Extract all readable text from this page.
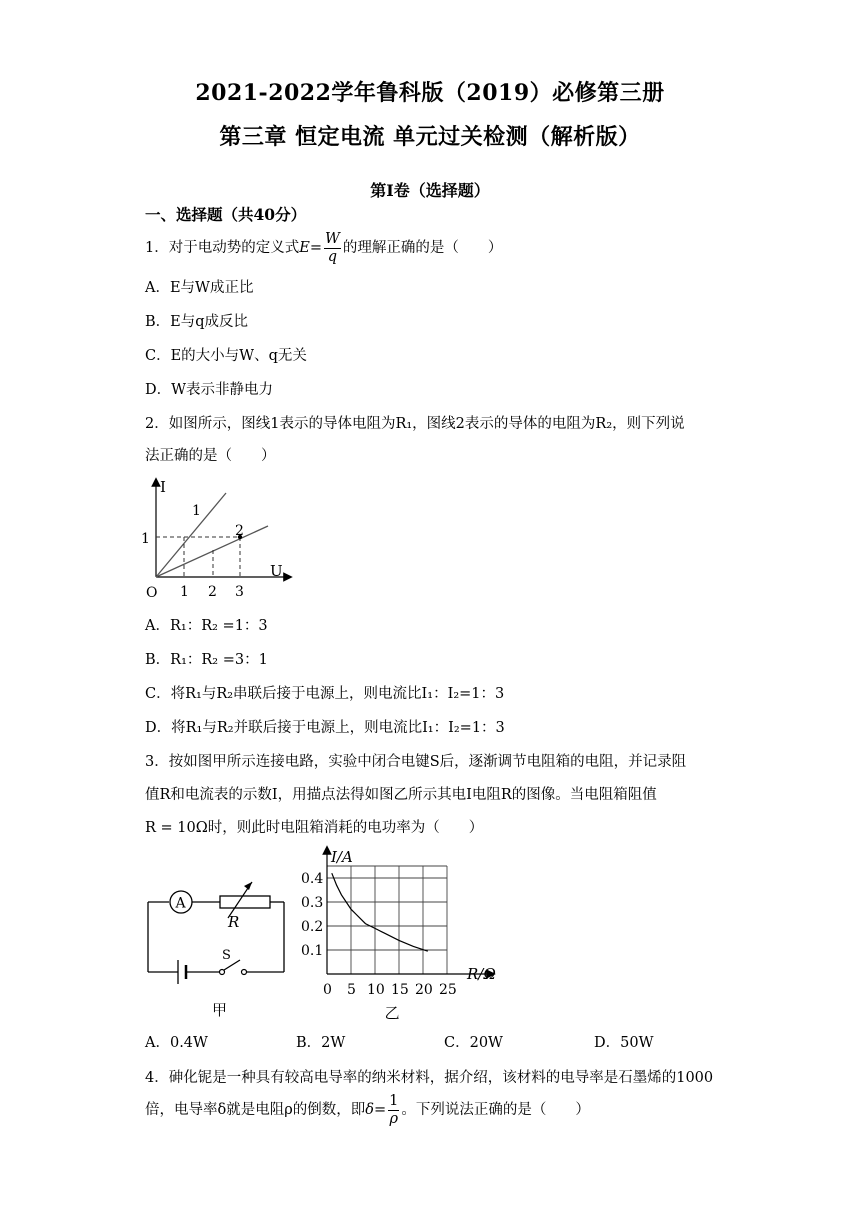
2021-2022学年鲁科版（2019）必修第三册
第三章 恒定电流 单元过关检测（解析版）
第Ⅰ卷（选择题）
一、选择题（共40分）
1．对于电动势的定义式$E= \frac{W}{q}$ 的理解正确的是（　　）
A．E与W成正比
B．E与q成反比
C．E的大小与W、q无关
D．W表示非静电力
2．如图所示，图线1表示的导体电阻为R₁，图线2表示的导体的电阻为R₂，则下列说
法正确的是（　　）
I
U
O
1
2
1
1 2 3
A．R₁：R₂ =1：3
B．R₁：R₂ =3：1
C．将R₁与R₂串联后接于电源上，则电流比I₁：I₂=1：3
D．将R₁与R₂并联后接于电源上，则电流比I₁：I₂=1：3
3．按如图甲所示连接电路，实验中闭合电键S后，逐渐调节电阻箱的电阻，并记录阻
值R和电流表的示数I，用描点法得如图乙所示其电I电阻R的图像。当电阻箱阻值
R = 10Ω时，则此时电阻箱消耗的电功率为（　　）
A
R
S
甲
0 5 10 15 20 25
0.1
0.2
0.3
0.4
I/A
R/Ω
乙
A．0.4W	B．2W	C．20W	D．50W
4．砷化铌是一种具有较高电导率的纳米材料，据介绍，该材料的电导率是石墨烯的1000
倍，电导率δ就是电阻ρ的倒数，即$\delta= \frac{1}{\rho}$ 。下列说法正确的是（　　）
